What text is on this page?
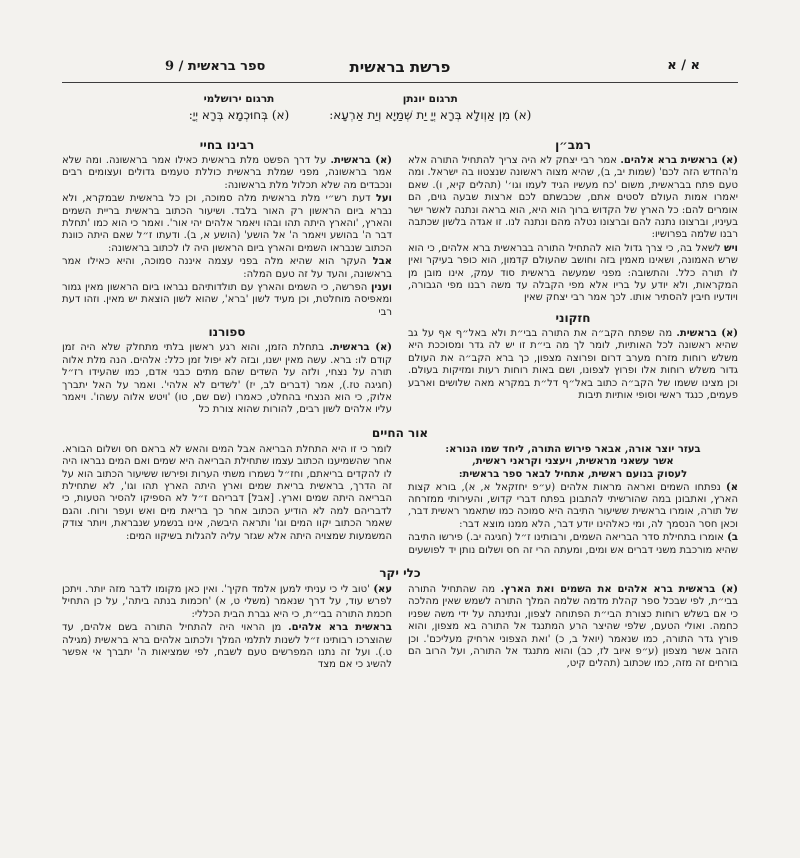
א / א
פרשת בראשית
ספר בראשית / 9
תרגום יונתן
(א) מִן אַוְולָא בְּרָא יְיָ יַת שְׁמַיָא וְיַת אַרְעָא:
תרגום ירושלמי
(א) בְּחוּכְמָא בְּרָא יְיָ:
רמב״ן

(א) בראשית ברא אלהים. אמר רבי יצחק לא היה צריך להתחיל התורה אלא מ'החדש הזה לכם' (שמות יב, ב), שהיא מצוה ראשונה שנצטוו בה ישראל. ומה טעם פתח בבראשית, משום 'כח מעשיו הגיד לעמו וגו׳' (תהלים קיא, ו). שאם יאמרו אמות העולם לסטים אתם, שכבשתם לכם ארצות שבעה גוים, הם אומרים להם: כל הארץ של הקדוש ברוך הוא היא, הוא בראה ונתנה לאשר ישר בעיניו, וברצונו נתנה להם וברצונו נטלה מהם ונתנה לנו. זו אגדה בלשון שכתבה רבנו שלמה בפרושיו:

ויש לשאל בה, כי צרך גדול הוא להתחיל התורה בבראשית ברא אלהים, כי הוא שרש האמונה, ושאינו מאמין בזה וחושב שהעולם קדמון, הוא כופר בעיקר ואין לו תורה כלל. והתשובה: מפני שמעשה בראשית סוד עמק, אינו מובן מן המקראות, ולא יודע על בריו אלא מפי הקבלה עד משה רבנו מפי הגבורה, ויודעיו חיבין להסתיר אותו. לכך אמר רבי יצחק שאין

חזקוני

(א) בראשית. מה שפתח הקב״ה את התורה בבי״ת ולא באל״ף אף על גב שהיא ראשונה לכל האותיות, לומר לך מה בי״ת זו יש לה גדר ומסוככת היא משלש רוחות מזרח מערב דרום ופרוצה מצפון, כך ברא הקב״ה את העולם גדור משלש רוחות אלו ופרוץ לצפונו, ושם באות רוחות רעות ומזיקות בעולם. וכן מצינו ששמו של הקב״ה כתוב באל״ף דל״ת במקרא מאה שלושים וארבע פעמים, כנגד ראשי וסופי אותיות תיבות

רבינו בחיי

(א) בראשית. על דרך הפשט מלת בראשית כאילו אמר בראשונה. ומה שלא אמר בראשונה, מפני שמלת בראשית כוללת טעמים גדולים ועצומים רבים ונכבדים מה שלא תכלול מלת בראשונה:

ועל דעת רש״י מלת בראשית מלה סמוכה, וכן כל בראשית שבמקרא, ולא נברא ביום הראשון רק האור בלבד. ושיעור הכתוב בראשית בריית השמים והארץ, 'והארץ היתה תהו ובהו ויאמר אלהים יהי אור'. ואמר כי הוא כמו 'תחלת דבר ה' בהושע ויאמר ה' אל הושע' (הושע א, ב). ודעתו ז״ל שאם היתה כוונת הכתוב שנבראו השמים והארץ ביום הראשון היה לו לכתוב בראשונה:

אבל העקר הוא שהיא מלה בפני עצמה איננה סמוכה, והיא כאילו אמר בראשונה, והעד על זה טעם המלה:

וענין הפרשה, כי השמים והארץ עם תולדותיהם נבראו ביום הראשון מאין גמור ומאפיסה מוחלטת, וכן מעיד לשון 'ברא', שהוא לשון הוצאת יש מאין. וזהו דעת רבי

ספורנו

(א) בראשית. בתחלת הזמן, והוא רגע ראשון בלתי מתחלק שלא היה זמן קודם לו: ברא. עשה מאין ישנו, ובזה לא יפול זמן כלל: אלהים. הנה מלת אלוה תורה על נצחי, ולזה על השדים שהם מתים כבני אדם, כמו שהעידו רז״ל (חגיגה טז.), אמר (דברים לב, יז) 'לשדים לא אלהי'. ואמר על האל יתברך אלוק, כי הוא הנצחי בהחלט, כאמרו (שם שם, טו) 'ויטש אלוה עשהו'. ויאמר עליו אלהים לשון רבים, להורות שהוא צורת כל

אור החיים
בעזר יוצר אורה, אבאר פירוש התורה, ליחד שמו הנורא:
אשר עשאני מראשית, ויעצני וקראני ראשית,
לעסוק בנועם ראשית, אתחיל לבאר ספר בראשית:

א) נפתחו השמים ואראה מראות אלהים (ע״פ יחזקאל א, א), בורא קצות הארץ, ואתבונן במה שהורשיתי להתבונן בפתח דברי קדוש, והעירותי ממזרחה של תורה, אומרו בראשית ששיעור התיבה היא סמוכה כמו שתאמר ראשית דבר, וכאן חסר הנסמך לה, ומי כאלהינו יודע דבר, הלא ממנו מוצא דבר:

ב) אומרו בתחילת סדר הבריאה השמים, ורבותינו ז״ל (חגיגה יב.) פירשו התיבה שהיא מורכבת משני דברים אש ומים, ומעתה הרי זה חס ושלום נותן יד לפושעים

לומר כי זו היא התחלת הבריאה אבל המים והאש לא בראם חס ושלום הבורא. אחר שהשמיענו הכתוב עצמו שתחילת הבריאה היא שמים ואם המים נבראו היה לו להקדים בריאתם, וחז״ל נשמרו משתי הערות ופירשו ששיעור הכתוב הוא על זה הדרך, בראשית בריאת שמים וארץ היתה הארץ תהו וגו', לא שתחילת הבריאה היתה שמים וארץ. [אבל] דבריהם ז״ל לא הספיקו להסיר הטעות, כי לדבריהם למה לא הודיע הכתוב אחר כך בריאת מים ואש ועפר ורוח. והגם שאמר הכתוב יקוו המים וגו' ותראה היבשה, אינו בנשמע שנבראת, ויותר צודק המשמעות שמצויה היתה אלא שגזר עליה להגלות בשיקוו המים:

כלי יקר

(א) בראשית ברא אלהים את השמים ואת הארץ. מה שהתחיל התורה בבי״ת, לפי שבכל ספר קהלת מדמה שלמה המלך התורה לשמש שאין מהלכה כי אם בשלש רוחות כצורת הבי״ת הפתוחה לצפון, ונתינתה על ידי משה שפניו כחמה. ואולי הטעם, שלפי שהיצר הרע המתנגד אל התורה בא מצפון, והוא פורץ גדר התורה, כמו שנאמר (יואל ב, כ) 'ואת הצפוני ארחיק מעליכם'. וכן הזהב אשר מצפון (ע״פ איוב לז, כב) והוא מתנגד אל התורה, ועל הרוב הם בורחים זה מזה, כמו שכתוב (תהלים קיט,

עא) 'טוב לי כי עניתי למען אלמד חקיך'. ואין כאן מקומו לדבר מזה יותר. ויתכן לפרש עוד, על דרך שנאמר (משלי ט, א) 'חכמות בנתה ביתה', על כן התחיל חכמת התורה בבי״ת, כי היא גברת הבית הכללי:

בראשית ברא אלהים. מן הראוי היה להתחיל התורה בשם אלהים, עד שהוצרכו רבותינו ז״ל לשנות לתלמי המלך ולכתוב אלהים ברא בראשית (מגילה ט.). ועל זה נתנו המפרשים טעם לשבח, לפי שמציאות ה' יתברך אי אפשר להשיג כי אם מצד
